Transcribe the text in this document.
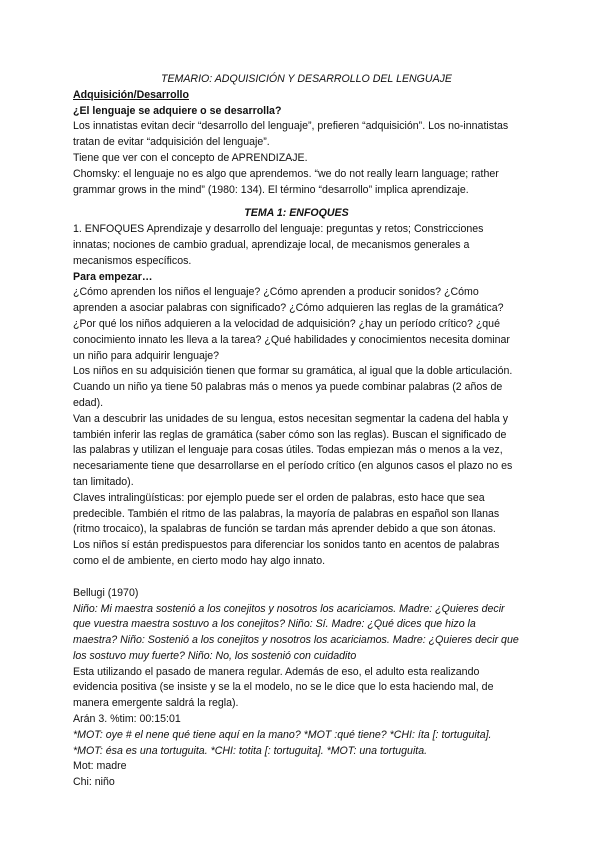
TEMARIO: ADQUISICIÓN Y DESARROLLO DEL LENGUAJE

Adquisición/Desarrollo

¿El lenguaje se adquiere o se desarrolla?

Los innatistas evitan decir “desarrollo del lenguaje”, prefieren “adquisición”. Los no-innatistas tratan de evitar “adquisición del lenguaje”.

Tiene que ver con el concepto de APRENDIZAJE.

Chomsky: el lenguaje no es algo que aprendemos. “we do not really learn language; rather grammar grows in the mind” (1980: 134). El término “desarrollo” implica aprendizaje.

TEMA 1: ENFOQUES

1. ENFOQUES Aprendizaje y desarrollo del lenguaje: preguntas y retos; Constricciones innatas; nociones de cambio gradual, aprendizaje local, de mecanismos generales a mecanismos específicos.

Para empezar…

¿Cómo aprenden los niños el lenguaje? ¿Cómo aprenden a producir sonidos? ¿Cómo aprenden a asociar palabras con significado? ¿Cómo adquieren las reglas de la gramática? ¿Por qué los niños adquieren a la velocidad de adquisición? ¿hay un período crítico? ¿qué conocimiento innato les lleva a la tarea? ¿Qué habilidades y conocimientos necesita dominar un niño para adquirir lenguaje?

Los niños en su adquisición tienen que formar su gramática, al igual que la doble articulación. Cuando un niño ya tiene 50 palabras más o menos ya puede combinar palabras (2 años de edad).

Van a descubrir las unidades de su lengua, estos necesitan segmentar la cadena del habla y también inferir las reglas de gramática (saber cómo son las reglas). Buscan el significado de las palabras y utilizan el lenguaje para cosas útiles. Todas empiezan más o menos a la vez, necesariamente tiene que desarrollarse en el período crítico (en algunos casos el plazo no es tan limitado).

Claves intralingüísticas: por ejemplo puede ser el orden de palabras, esto hace que sea predecible. También el ritmo de las palabras, la mayoría de palabras en español son llanas (ritmo trocaico), la spalabras de función se tardan más aprender debido a que son átonas.

Los niños sí están predispuestos para diferenciar los sonidos tanto en acentos de palabras como el de ambiente, en cierto modo hay algo innato.

Bellugi (1970)

Niño: Mi maestra sostenió a los conejitos y nosotros los acariciamos. Madre: ¿Quieres decir que vuestra maestra sostuvo a los conejitos? Niño: Sí. Madre: ¿Qué dices que hizo la maestra? Niño: Sostenió a los conejitos y nosotros los acariciamos. Madre: ¿Quieres decir que los sostuvo muy fuerte? Niño: No, los sostenió con cuidadito

Esta utilizando el pasado de manera regular. Además de eso, el adulto esta realizando evidencia positiva (se insiste y se la el modelo, no se le dice que lo esta haciendo mal, de manera emergente saldrá la regla).

Arán 3. %tim: 00:15:01

*MOT: oye # el nene qué tiene aquí en la mano? *MOT :qué tiene? *CHI: íta [: tortuguita]. *MOT: ésa es una tortuguita. *CHI: totita [: tortuguita]. *MOT: una tortuguita.

Mot: madre

Chi: niño
